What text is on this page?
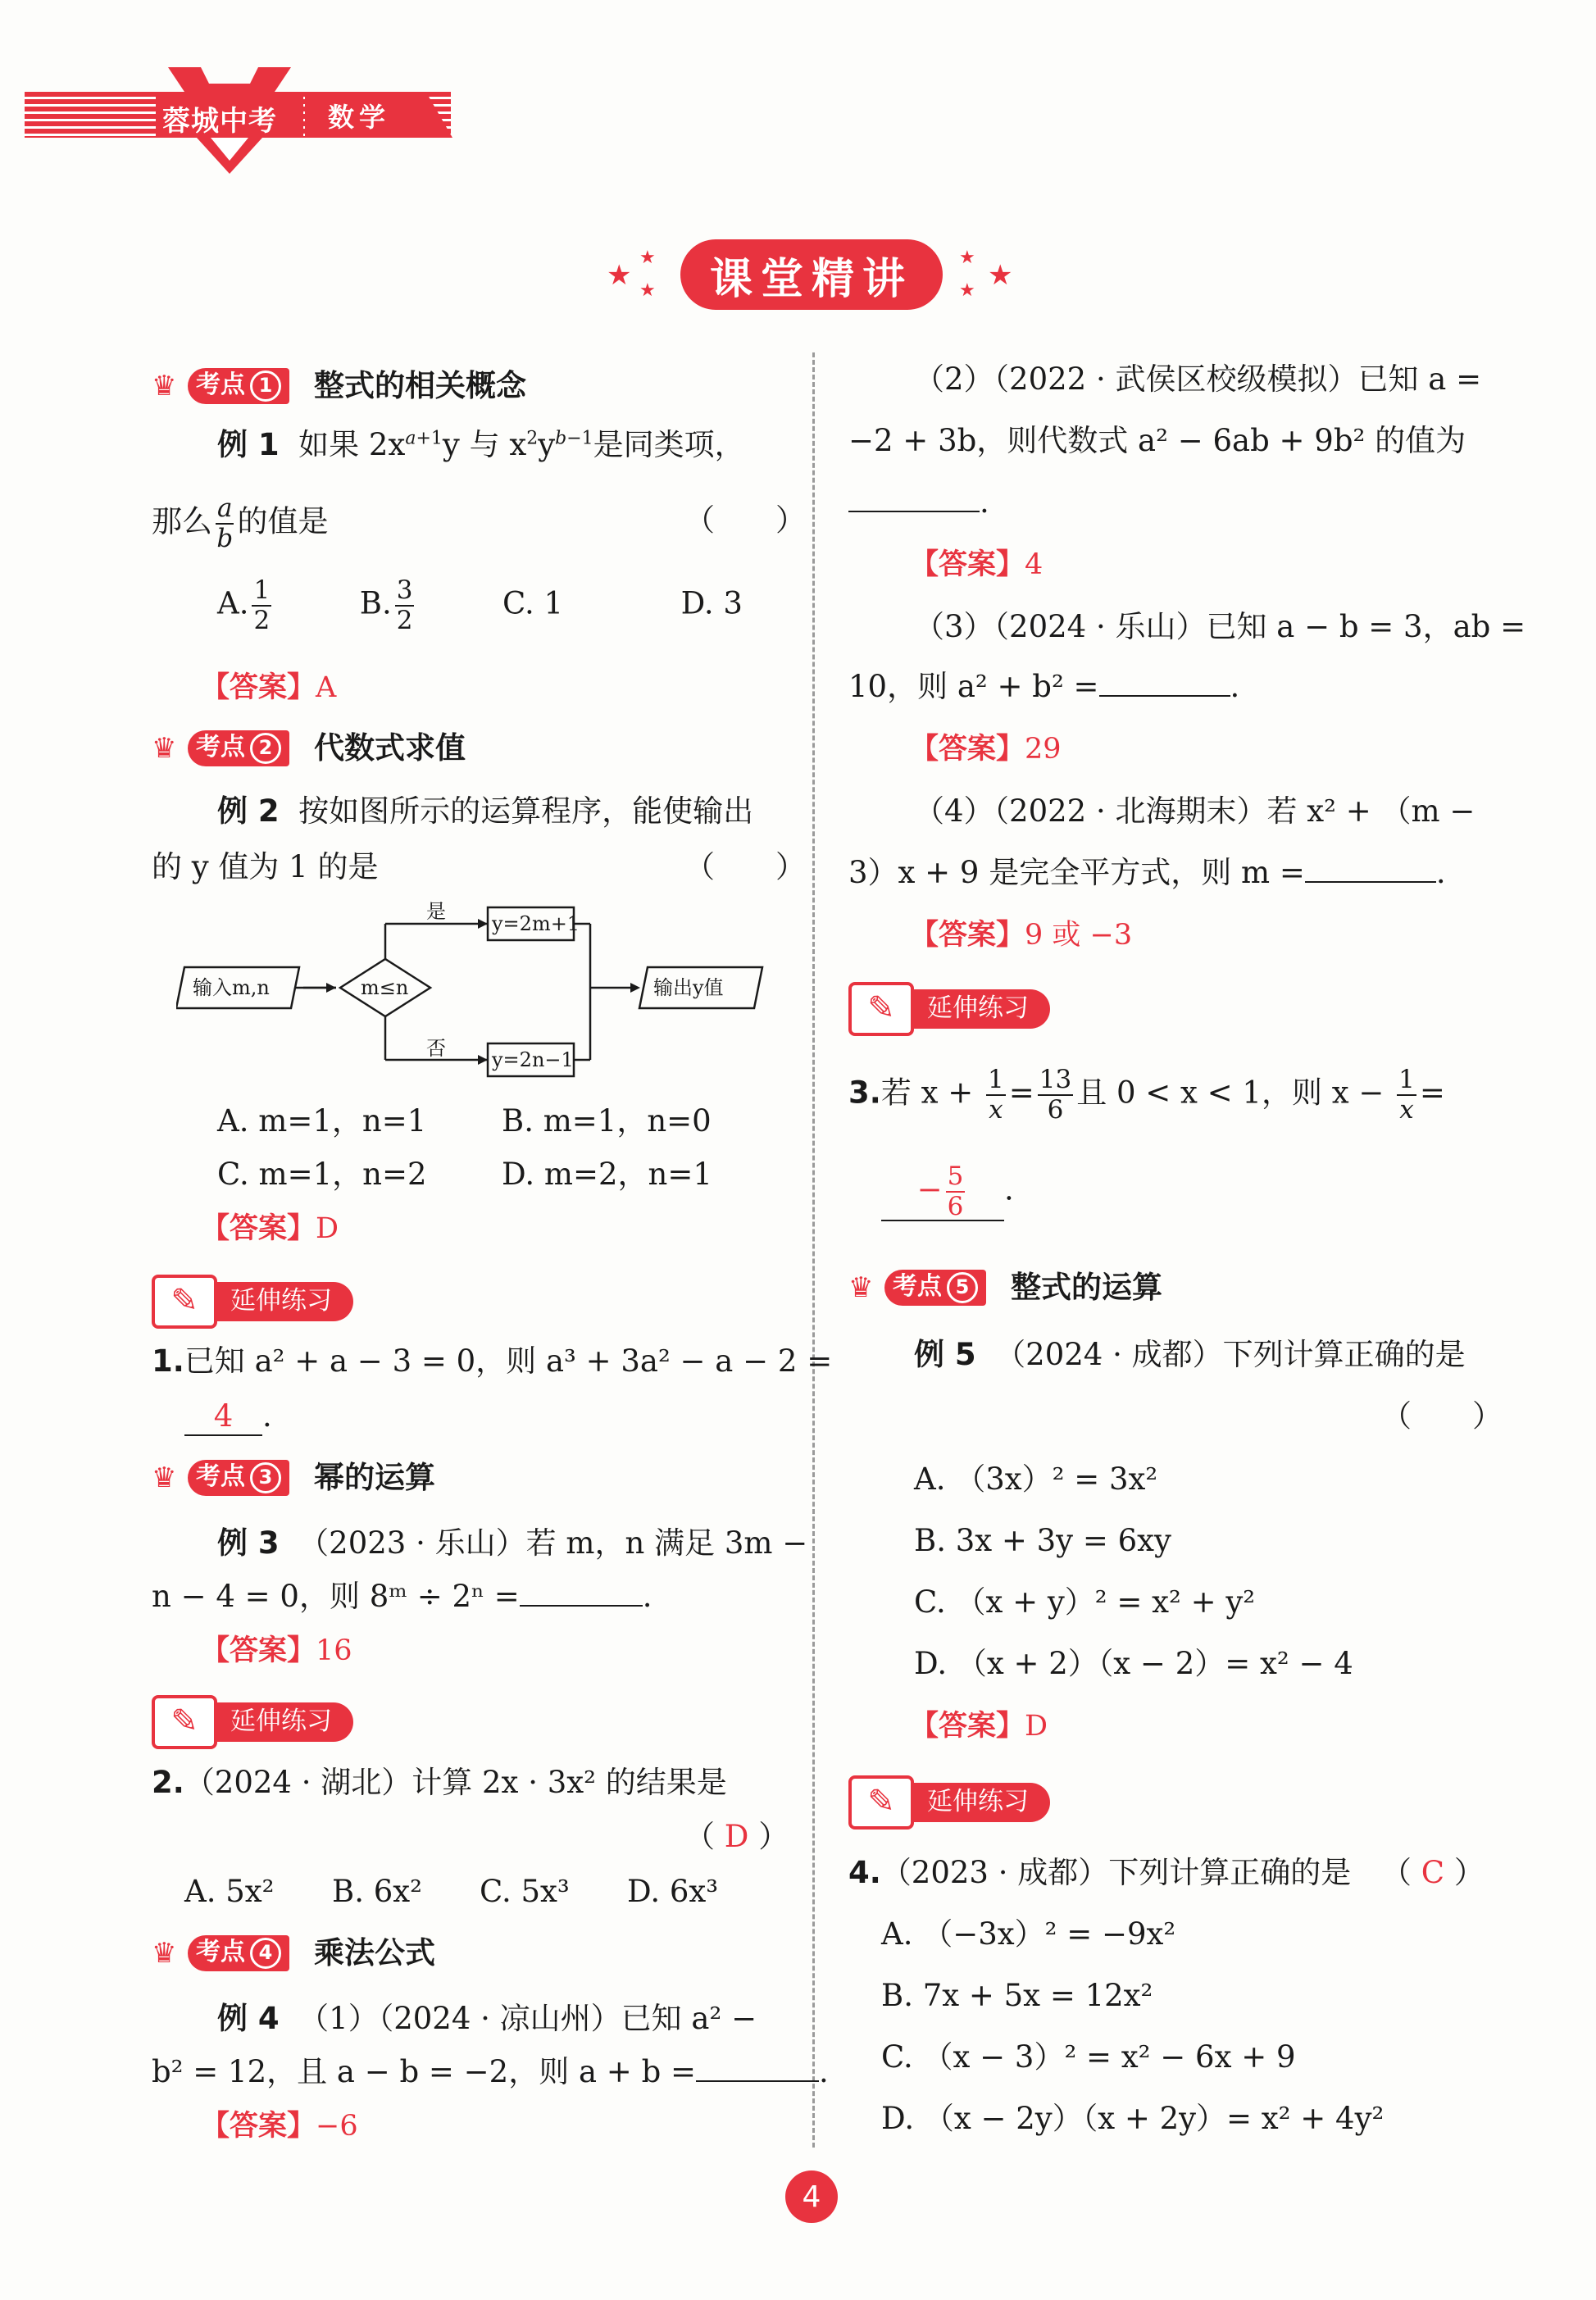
蓉城中考 数学
★
★
★ 课堂精讲	★
★
★
♛ 考点 1 整式的相关概念
例 1 如果 $2x^{a+1}y$ 与 $x^2y^{b-1}$是同类项，
那么 $\frac{a}{b}$ 的值是	（　　）
A. $\frac{1}{2}$	B. $\frac{3}{2}$	C. 1	D. 3
【答案】A
♛ 考点 2 代数式求值
例 2 按如图所示的运算程序，能使输出
的 y 值为 1 的是	（　　）
输入m,n	m≤n
是
否
y=2m+1
y=2n−1
输出y值
A. m=1，n=1 B. m=1，n=0
C. m=1，n=2 D. m=2，n=1
【答案】D
✎	延伸练习
1.已知 a² + a − 3 = 0，则 a³ + 3a² − a − 2 =
4 .
♛ 考点 3 幂的运算
例 3 （2023 · 乐山）若 m，n 满足 3m −
n − 4 = 0，则 8ᵐ ÷ 2ⁿ =	.
【答案】16
✎	延伸练习
2.（2024 · 湖北）计算 2x · 3x² 的结果是
（ D ）
A. 5x² B. 6x² C. 5x³ D. 6x³
♛ 考点 4 乘法公式
例 4 （1）（2024 · 凉山州）已知 a² −
b² = 12，且 a − b = −2，则 a + b =	.
【答案】−6
（2）（2022 · 武侯区校级模拟）已知 a =
−2 + 3b，则代数式 a² − 6ab + 9b² 的值为
.
【答案】4
（3）（2024 · 乐山）已知 a − b = 3，ab =
10，则 a² + b² =	.
【答案】29
（4）（2022 · 北海期末）若 x² + （m −
3）x + 9 是完全平方式，则 m =	.
【答案】9 或 −3
✎	延伸练习
3.若 $x + \frac{1}{x} = \frac{13}{6}$ 且 0 < x < 1，则 $x - \frac{1}{x}$ =
− $\frac{5}{6}$ .
♛ 考点 5 整式的运算
例 5 （2024 · 成都）下列计算正确的是
（　　）
A. （3x）² = 3x²
B. 3x + 3y = 6xy
C. （x + y）² = x² + y²
D. （x + 2）（x − 2）= x² − 4
【答案】D
✎	延伸练习
4.（2023 · 成都）下列计算正确的是 （ C ）
A. （−3x）² = −9x²
B. 7x + 5x = 12x²
C. （x − 3）² = x² − 6x + 9
D. （x − 2y）（x + 2y）= x² + 4y²
4
